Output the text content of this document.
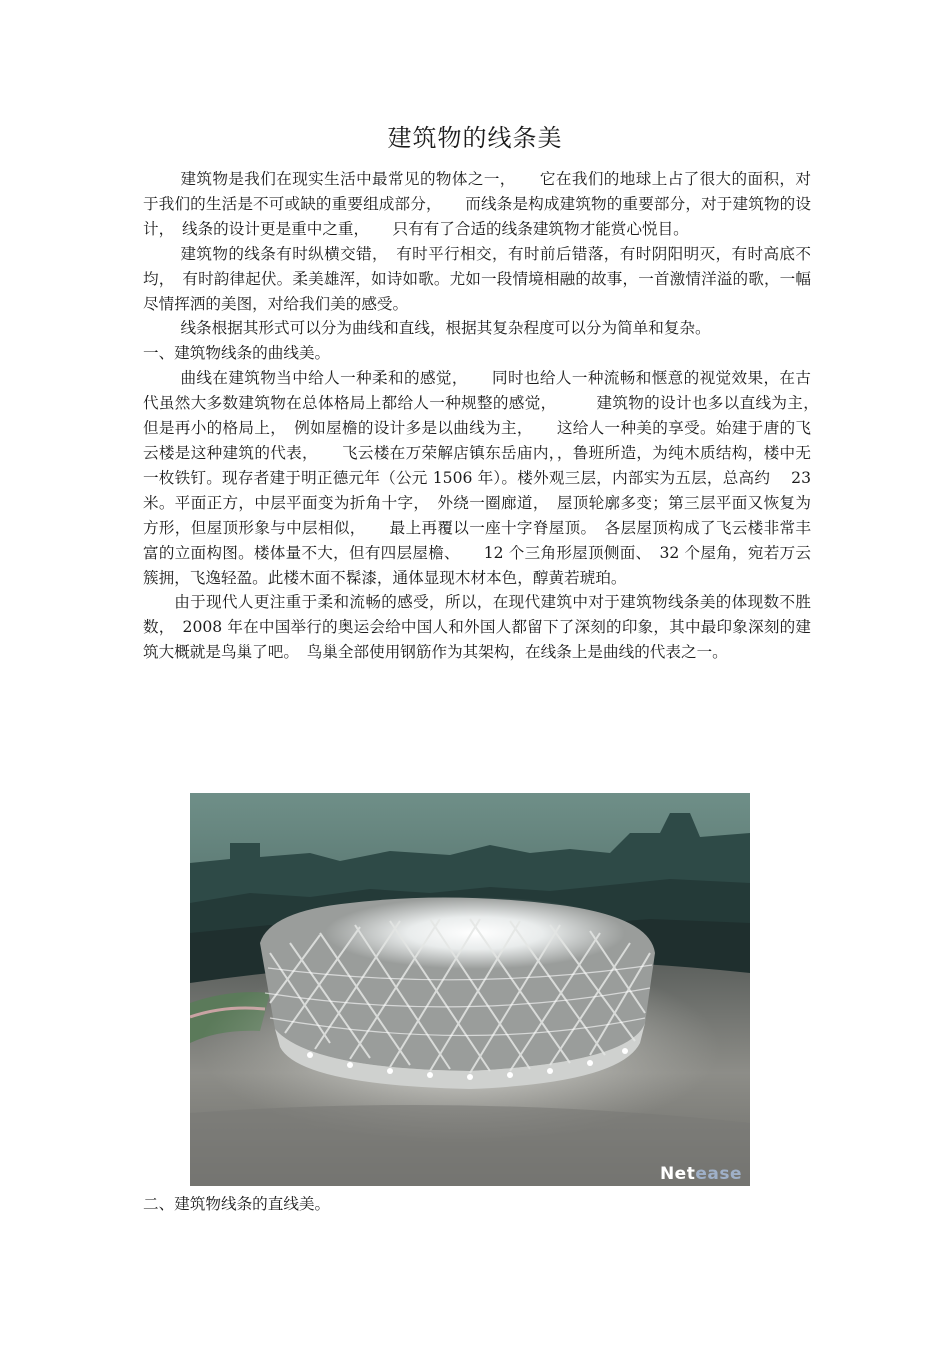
建筑物的线条美

建筑物是我们在现实生活中最常见的物体之一，　　它在我们的地球上占了很大的面积，对于我们的生活是不可或缺的重要组成部分，　　而线条是构成建筑物的重要部分，对于建筑物的设计，　线条的设计更是重中之重，　　只有有了合适的线条建筑物才能赏心悦目。

建筑物的线条有时纵横交错，　有时平行相交，有时前后错落，有时阴阳明灭，有时高底不均，　有时韵律起伏。柔美雄浑，如诗如歌。尤如一段情境相融的故事，一首激情洋溢的歌，一幅尽情挥洒的美图，对给我们美的感受。

线条根据其形式可以分为曲线和直线，根据其复杂程度可以分为简单和复杂。

一、建筑物线条的曲线美。

曲线在建筑物当中给人一种柔和的感觉，　　同时也给人一种流畅和惬意的视觉效果，在古代虽然大多数建筑物在总体格局上都给人一种规整的感觉，　　　建筑物的设计也多以直线为主，　但是再小的格局上，　例如屋檐的设计多是以曲线为主，　　这给人一种美的享受。始建于唐的飞云楼是这种建筑的代表，　　飞云楼在万荣解店镇东岳庙内，，鲁班所造，为纯木质结构，楼中无一枚铁钉。现存者建于明正德元年（公元 1506 年）。楼外观三层，内部实为五层，总高约　 23 米。平面正方，中层平面变为折角十字，　外绕一圈廊道，　屋顶轮廓多变；第三层平面又恢复为方形，但屋顶形象与中层相似，　　最上再覆以一座十字脊屋顶。　各层屋顶构成了飞云楼非常丰富的立面构图。楼体量不大，但有四层屋檐、　　12 个三角形屋顶侧面、　32 个屋角，宛若万云簇拥，飞逸轻盈。此楼木面不髹漆，通体显现木材本色，醇黄若琥珀。

由于现代人更注重于柔和流畅的感受，所以，在现代建筑中对于建筑物线条美的体现数不胜数，　2008 年在中国举行的奥运会给中国人和外国人都留下了深刻的印象，其中最印象深刻的建筑大概就是鸟巢了吧。　鸟巢全部使用钢筋作为其架构，在线条上是曲线的代表之一。

Netease
二、建筑物线条的直线美。
